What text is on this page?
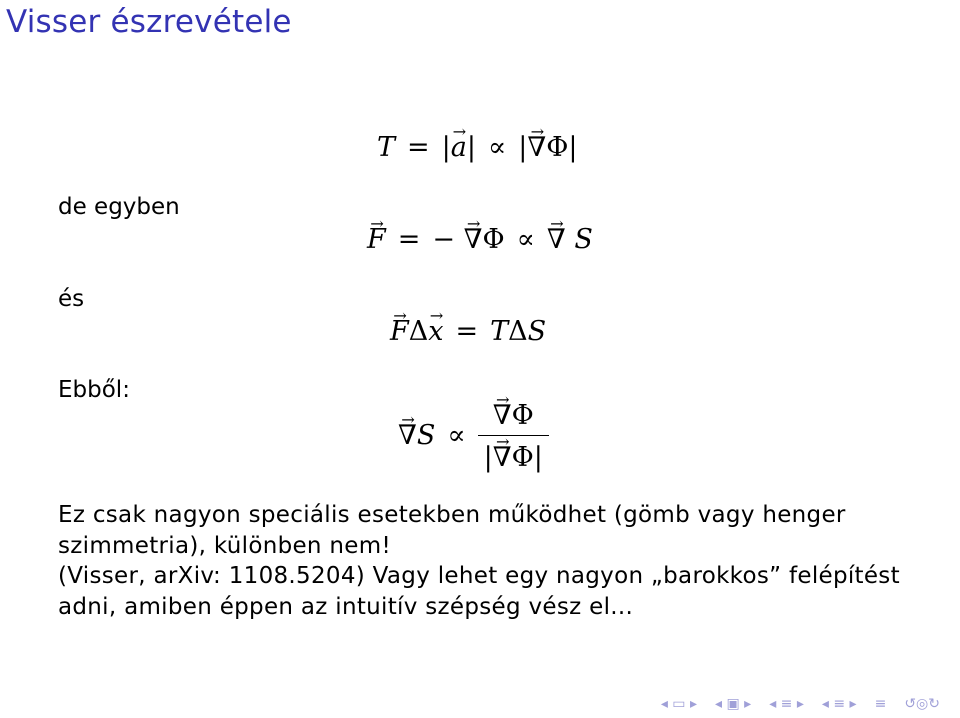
Visser észrevétele
de egyben
és
Ebből:
T = |→ a| ∝ |→ ∇Φ|
→ F = − → ∇Φ ∝ → ∇ S
→ FΔ→ x = TΔS
→ ∇S ∝ → $\frac{\nabla\Phi}{|\to \nabla\Phi|}$

Ez csak nagyon speciális esetekben működhet (gömb vagy henger szimmetria), különben nem!

(Visser, arXiv: 1108.5204) Vagy lehet egy nagyon „barokkos” felépítést adni, amiben éppen az intuitív szépség vész el...

◂ ▭ ▸ ◂ ▣ ▸ ◂ ≡ ▸ ◂ ≡ ▸ ≡ ↺◎↻
